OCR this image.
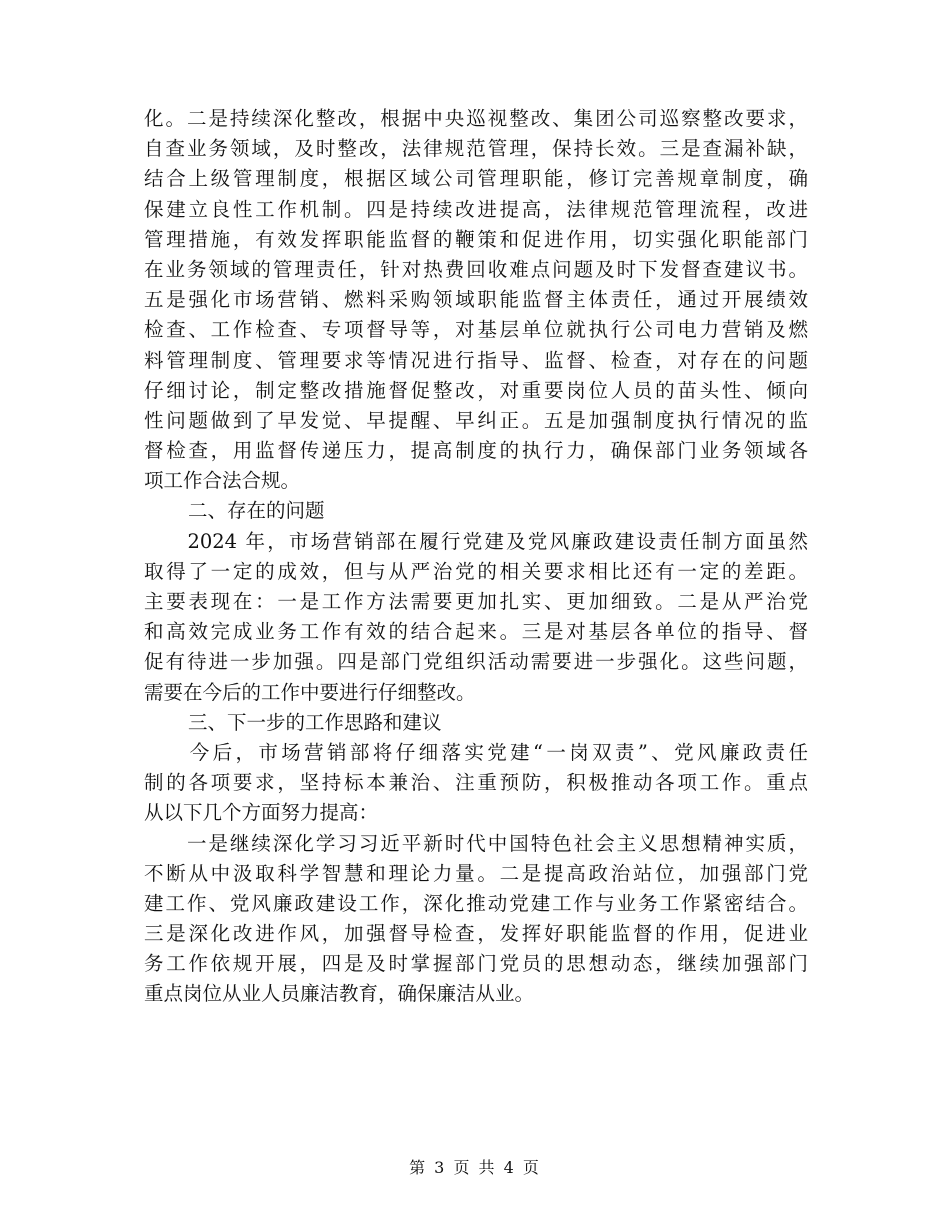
化。二是持续深化整改，根据中央巡视整改、集团公司巡察整改要求，
自查业务领域，及时整改，法律规范管理，保持长效。三是查漏补缺，
结合上级管理制度，根据区域公司管理职能，修订完善规章制度，确
保建立良性工作机制。四是持续改进提高，法律规范管理流程，改进
管理措施，有效发挥职能监督的鞭策和促进作用，切实强化职能部门
在业务领域的管理责任，针对热费回收难点问题及时下发督查建议书。
五是强化市场营销、燃料采购领域职能监督主体责任，通过开展绩效
检查、工作检查、专项督导等，对基层单位就执行公司电力营销及燃
料管理制度、管理要求等情况进行指导、监督、检查，对存在的问题
仔细讨论，制定整改措施督促整改，对重要岗位人员的苗头性、倾向
性问题做到了早发觉、早提醒、早纠正。五是加强制度执行情况的监
督检查，用监督传递压力，提高制度的执行力，确保部门业务领域各
项工作合法合规。
二、存在的问题
　　2024 年，市场营销部在履行党建及党风廉政建设责任制方面虽然
取得了一定的成效，但与从严治党的相关要求相比还有一定的差距。
主要表现在：一是工作方法需要更加扎实、更加细致。二是从严治党
和高效完成业务工作有效的结合起来。三是对基层各单位的指导、督
促有待进一步加强。四是部门党组织活动需要进一步强化。这些问题，
需要在今后的工作中要进行仔细整改。
三、下一步的工作思路和建议
　　今后，市场营销部将仔细落实党建“一岗双责”、党风廉政责任
制的各项要求，坚持标本兼治、注重预防，积极推动各项工作。重点
从以下几个方面努力提高：
　　一是继续深化学习习近平新时代中国特色社会主义思想精神实质，
不断从中汲取科学智慧和理论力量。二是提高政治站位，加强部门党
建工作、党风廉政建设工作，深化推动党建工作与业务工作紧密结合。
三是深化改进作风，加强督导检查，发挥好职能监督的作用，促进业
务工作依规开展，四是及时掌握部门党员的思想动态，继续加强部门
重点岗位从业人员廉洁教育，确保廉洁从业。
第 3 页 共 4 页
